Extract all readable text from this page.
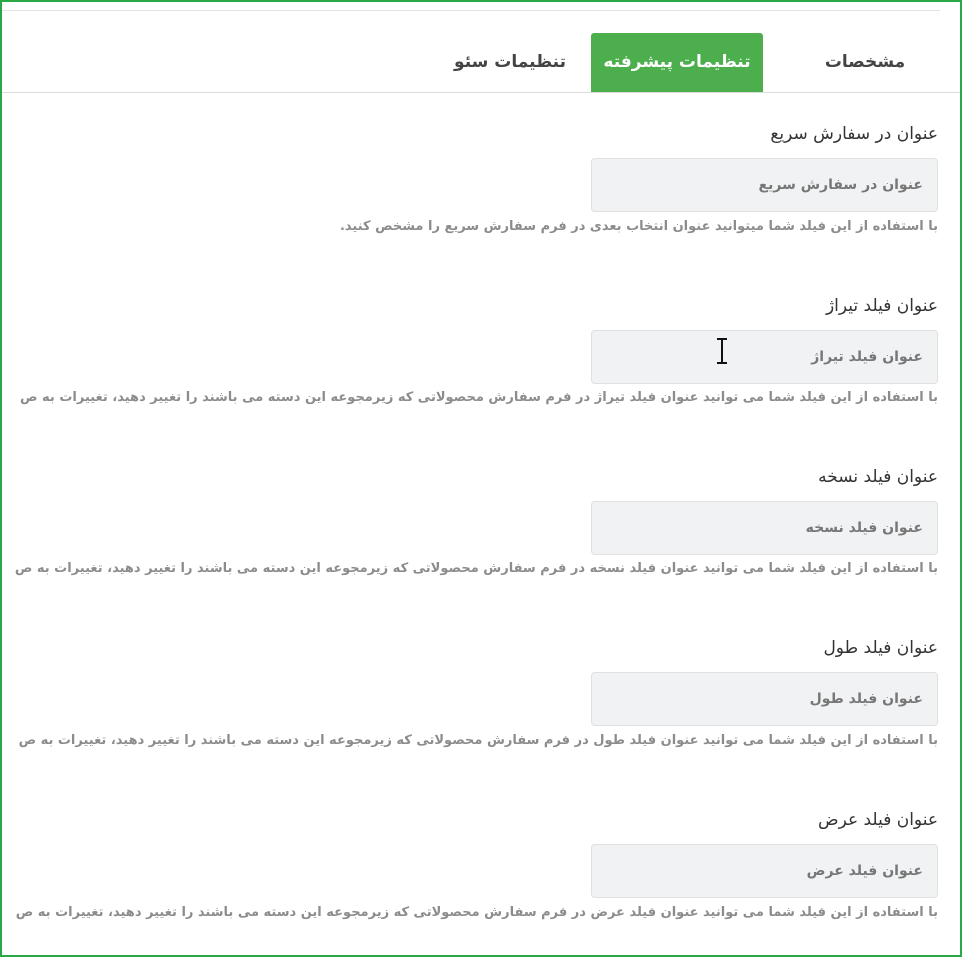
مشخصات
تنظیمات پیشرفته
تنظیمات سئو
عنوان در سفارش سریع
عنوان در سفارش سریع
با استفاده از این فیلد شما میتوانید عنوان انتخاب بعدی در فرم سفارش سریع را مشخص کنید.
عنوان فیلد تیراژ
عنوان فیلد تیراژ
با استفاده از این فیلد شما می توانید عنوان فیلد تیراژ در فرم سفارش محصولاتی که زیرمجوعه این دسته می باشند را تغییر دهید، تغییرات به ص
عنوان فیلد نسخه
عنوان فیلد نسخه
با استفاده از این فیلد شما می توانید عنوان فیلد نسخه در فرم سفارش محصولاتی که زیرمجوعه این دسته می باشند را تغییر دهید، تغییرات به ص
عنوان فیلد طول
عنوان فیلد طول
با استفاده از این فیلد شما می توانید عنوان فیلد طول در فرم سفارش محصولاتی که زیرمجوعه این دسته می باشند را تغییر دهید، تغییرات به ص
عنوان فیلد عرض
عنوان فیلد عرض
با استفاده از این فیلد شما می توانید عنوان فیلد عرض در فرم سفارش محصولاتی که زیرمجوعه این دسته می باشند را تغییر دهید، تغییرات به ص
